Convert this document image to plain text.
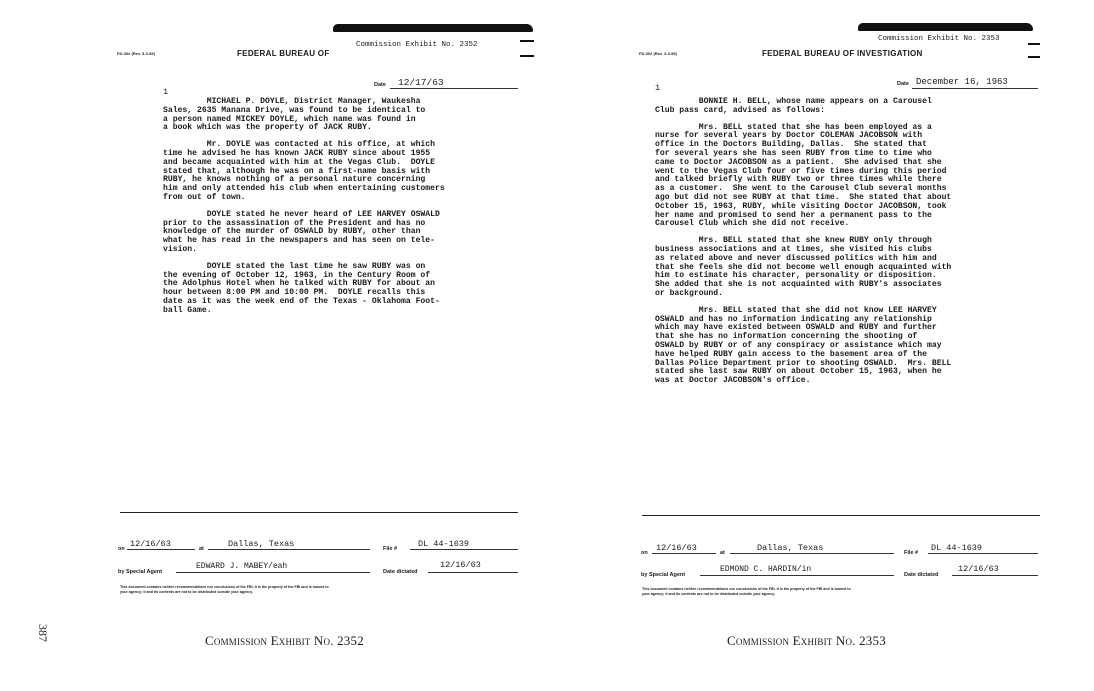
387
FD-302 (Rev. 3-3-59)	FEDERAL BUREAU OF
Commission Exhibit No. 2352
1
Date 12/17/63
MICHAEL P. DOYLE, District Manager, Waukesha
Sales, 2635 Manana Drive, was found to be identical to
a person named MICKEY DOYLE, which name was found in
a book which was the property of JACK RUBY.
Mr. DOYLE was contacted at his office, at which
time he advised he has known JACK RUBY since about 1955
and became acquainted with him at the Vegas Club.  DOYLE
stated that, although he was on a first-name basis with
RUBY, he knows nothing of a personal nature concerning
him and only attended his club when entertaining customers
from out of town.
DOYLE stated he never heard of LEE HARVEY OSWALD
prior to the assassination of the President and has no
knowledge of the murder of OSWALD by RUBY, other than
what he has read in the newspapers and has seen on tele-
vision.
DOYLE stated the last time he saw RUBY was on
the evening of October 12, 1963, in the Century Room of
the Adolphus Hotel when he talked with RUBY for about an
hour between 8:00 PM and 10:00 PM.  DOYLE recalls this
date as it was the week end of the Texas - Oklahoma Foot-
ball Game.
on 12/16/63	at	Dallas, Texas	File # DL 44-1639
by Special Agent
EDWARD J. MABEY/eah
Date dictated
12/16/63
This document contains neither recommendations nor conclusions of the FBI. It is the property of the FBI and is loaned to
your agency; it and its contents are not to be distributed outside your agency.
Commission Exhibit No. 2352
FD-302 (Rev. 3-3-59)	FEDERAL BUREAU OF INVESTIGATION
Commission Exhibit No. 2353
1	Date December 16, 1963
BONNIE H. BELL, whose name appears on a Carousel
Club pass card, advised as follows:
Mrs. BELL stated that she has been employed as a
nurse for several years by Doctor COLEMAN JACOBSON with
office in the Doctors Building, Dallas.  She stated that
for several years she has seen RUBY from time to time who
came to Doctor JACOBSON as a patient.  She advised that she
went to the Vegas Club four or five times during this period
and talked briefly with RUBY two or three times while there
as a customer.  She went to the Carousel Club several months
ago but did not see RUBY at that time.  She stated that about
October 15, 1963, RUBY, while visiting Doctor JACOBSON, took
her name and promised to send her a permanent pass to the
Carousel Club which she did not receive.
Mrs. BELL stated that she knew RUBY only through
business associations and at times, she visited his clubs
as related above and never discussed politics with him and
that she feels she did not become well enough acquainted with
him to estimate his character, personality or disposition.
She added that she is not acquainted with RUBY's associates
or background.
Mrs. BELL stated that she did not know LEE HARVEY
OSWALD and has no information indicating any relationship
which may have existed between OSWALD and RUBY and further
that she has no information concerning the shooting of
OSWALD by RUBY or of any conspiracy or assistance which may
have helped RUBY gain access to the basement area of the
Dallas Police Department prior to shooting OSWALD.  Mrs. BELL
stated she last saw RUBY on about October 15, 1963, when he
was at Doctor JACOBSON's office.
on 12/16/63	at	Dallas, Texas	File # DL 44-1639
by Special Agent
EDMOND C. HARDIN/in
Date dictated
12/16/63
This document contains neither recommendations nor conclusions of the FBI. It is the property of the FBI and is loaned to
your agency; it and its contents are not to be distributed outside your agency.
Commission Exhibit No. 2353
